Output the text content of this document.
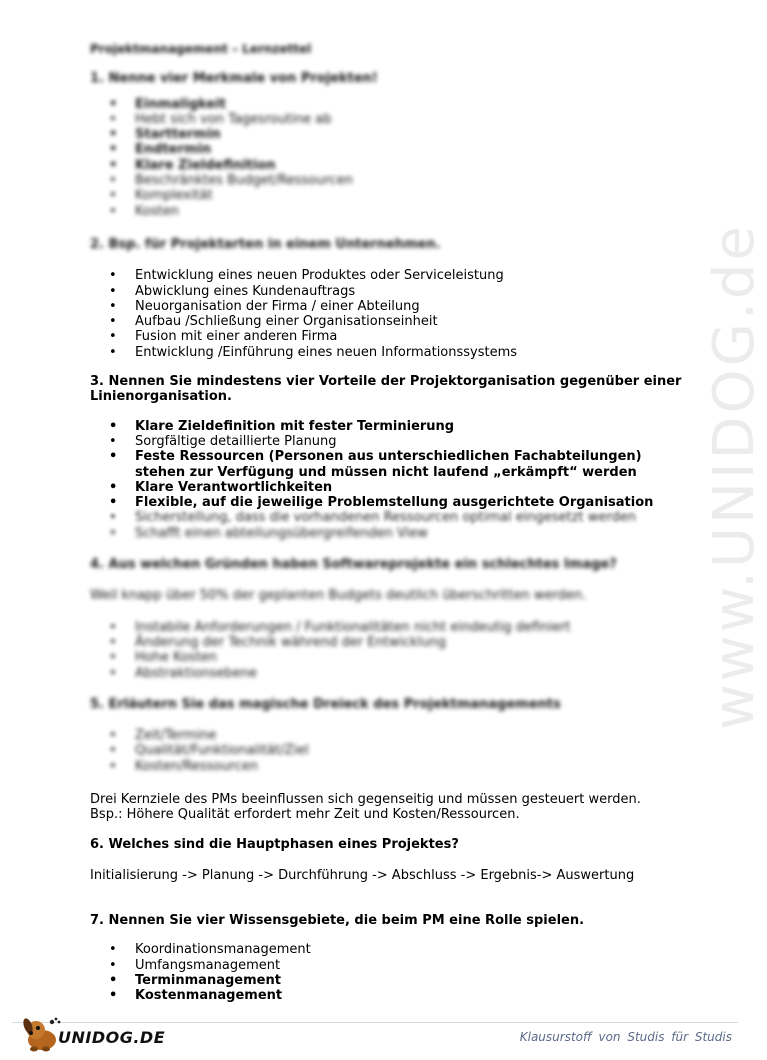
www.UNIDOG.de

Projektmanagement – Lernzettel

1. Nenne vier Merkmale von Projekten!

• Einmaligkeit
• Hebt sich von Tagesroutine ab
• Starttermin
• Endtermin
• Klare Zieldefinition
• Beschränktes Budget/Ressourcen
• Komplexität
• Kosten

2. Bsp. für Projektarten in einem Unternehmen.

• Entwicklung eines neuen Produktes oder Serviceleistung
• Abwicklung eines Kundenauftrags
• Neuorganisation der Firma / einer Abteilung
• Aufbau /Schließung einer Organisationseinheit
• Fusion mit einer anderen Firma
• Entwicklung /Einführung eines neuen Informationssystems

3. Nennen Sie mindestens vier Vorteile der Projektorganisation gegenüber einer

Linienorganisation.

• Klare Zieldefinition mit fester Terminierung
• Sorgfältige detaillierte Planung
• Feste Ressourcen (Personen aus unterschiedlichen Fachabteilungen)
stehen zur Verfügung und müssen nicht laufend „erkämpft“ werden
• Klare Verantwortlichkeiten
• Flexible, auf die jeweilige Problemstellung ausgerichtete Organisation
• Sicherstellung, dass die vorhandenen Ressourcen optimal eingesetzt werden
• Schafft einen abteilungsübergreifenden View

4. Aus welchen Gründen haben Softwareprojekte ein schlechtes Image?

Weil knapp über 50% der geplanten Budgets deutlich überschritten werden.

• Instabile Anforderungen / Funktionalitäten nicht eindeutig definiert
• Änderung der Technik während der Entwicklung
• Hohe Kosten
• Abstraktionsebene

5. Erläutern Sie das magische Dreieck des Projektmanagements

• Zeit/Termine
• Qualität/Funktionalität/Ziel
• Kosten/Ressourcen

Drei Kernziele des PMs beeinflussen sich gegenseitig und müssen gesteuert werden.

Bsp.: Höhere Qualität erfordert mehr Zeit und Kosten/Ressourcen.

6. Welches sind die Hauptphasen eines Projektes?

Initialisierung -> Planung -> Durchführung -> Abschluss -> Ergebnis-> Auswertung

7. Nennen Sie vier Wissensgebiete, die beim PM eine Rolle spielen.

• Koordinationsmanagement
• Umfangsmanagement
• Terminmanagement
• Kostenmanagement
UNIDOG.DE	Klausurstoff von Studis für Studis
